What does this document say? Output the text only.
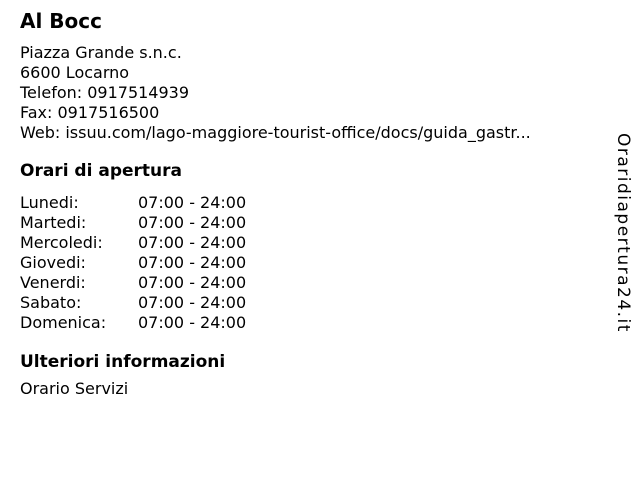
Al Bocc
Piazza Grande s.n.c.
6600 Locarno
Telefon: 0917514939
Fax: 0917516500
Web: issuu.com/lago-maggiore-tourist-office/docs/guida_gastr...
Orari di apertura
Lunedi:	07:00 - 24:00
Martedi:	07:00 - 24:00
Mercoledi:	07:00 - 24:00
Giovedi:	07:00 - 24:00
Venerdi:	07:00 - 24:00
Sabato:	07:00 - 24:00
Domenica:	07:00 - 24:00
Ulteriori informazioni
Orario Servizi
Oraridiapertura24.it
